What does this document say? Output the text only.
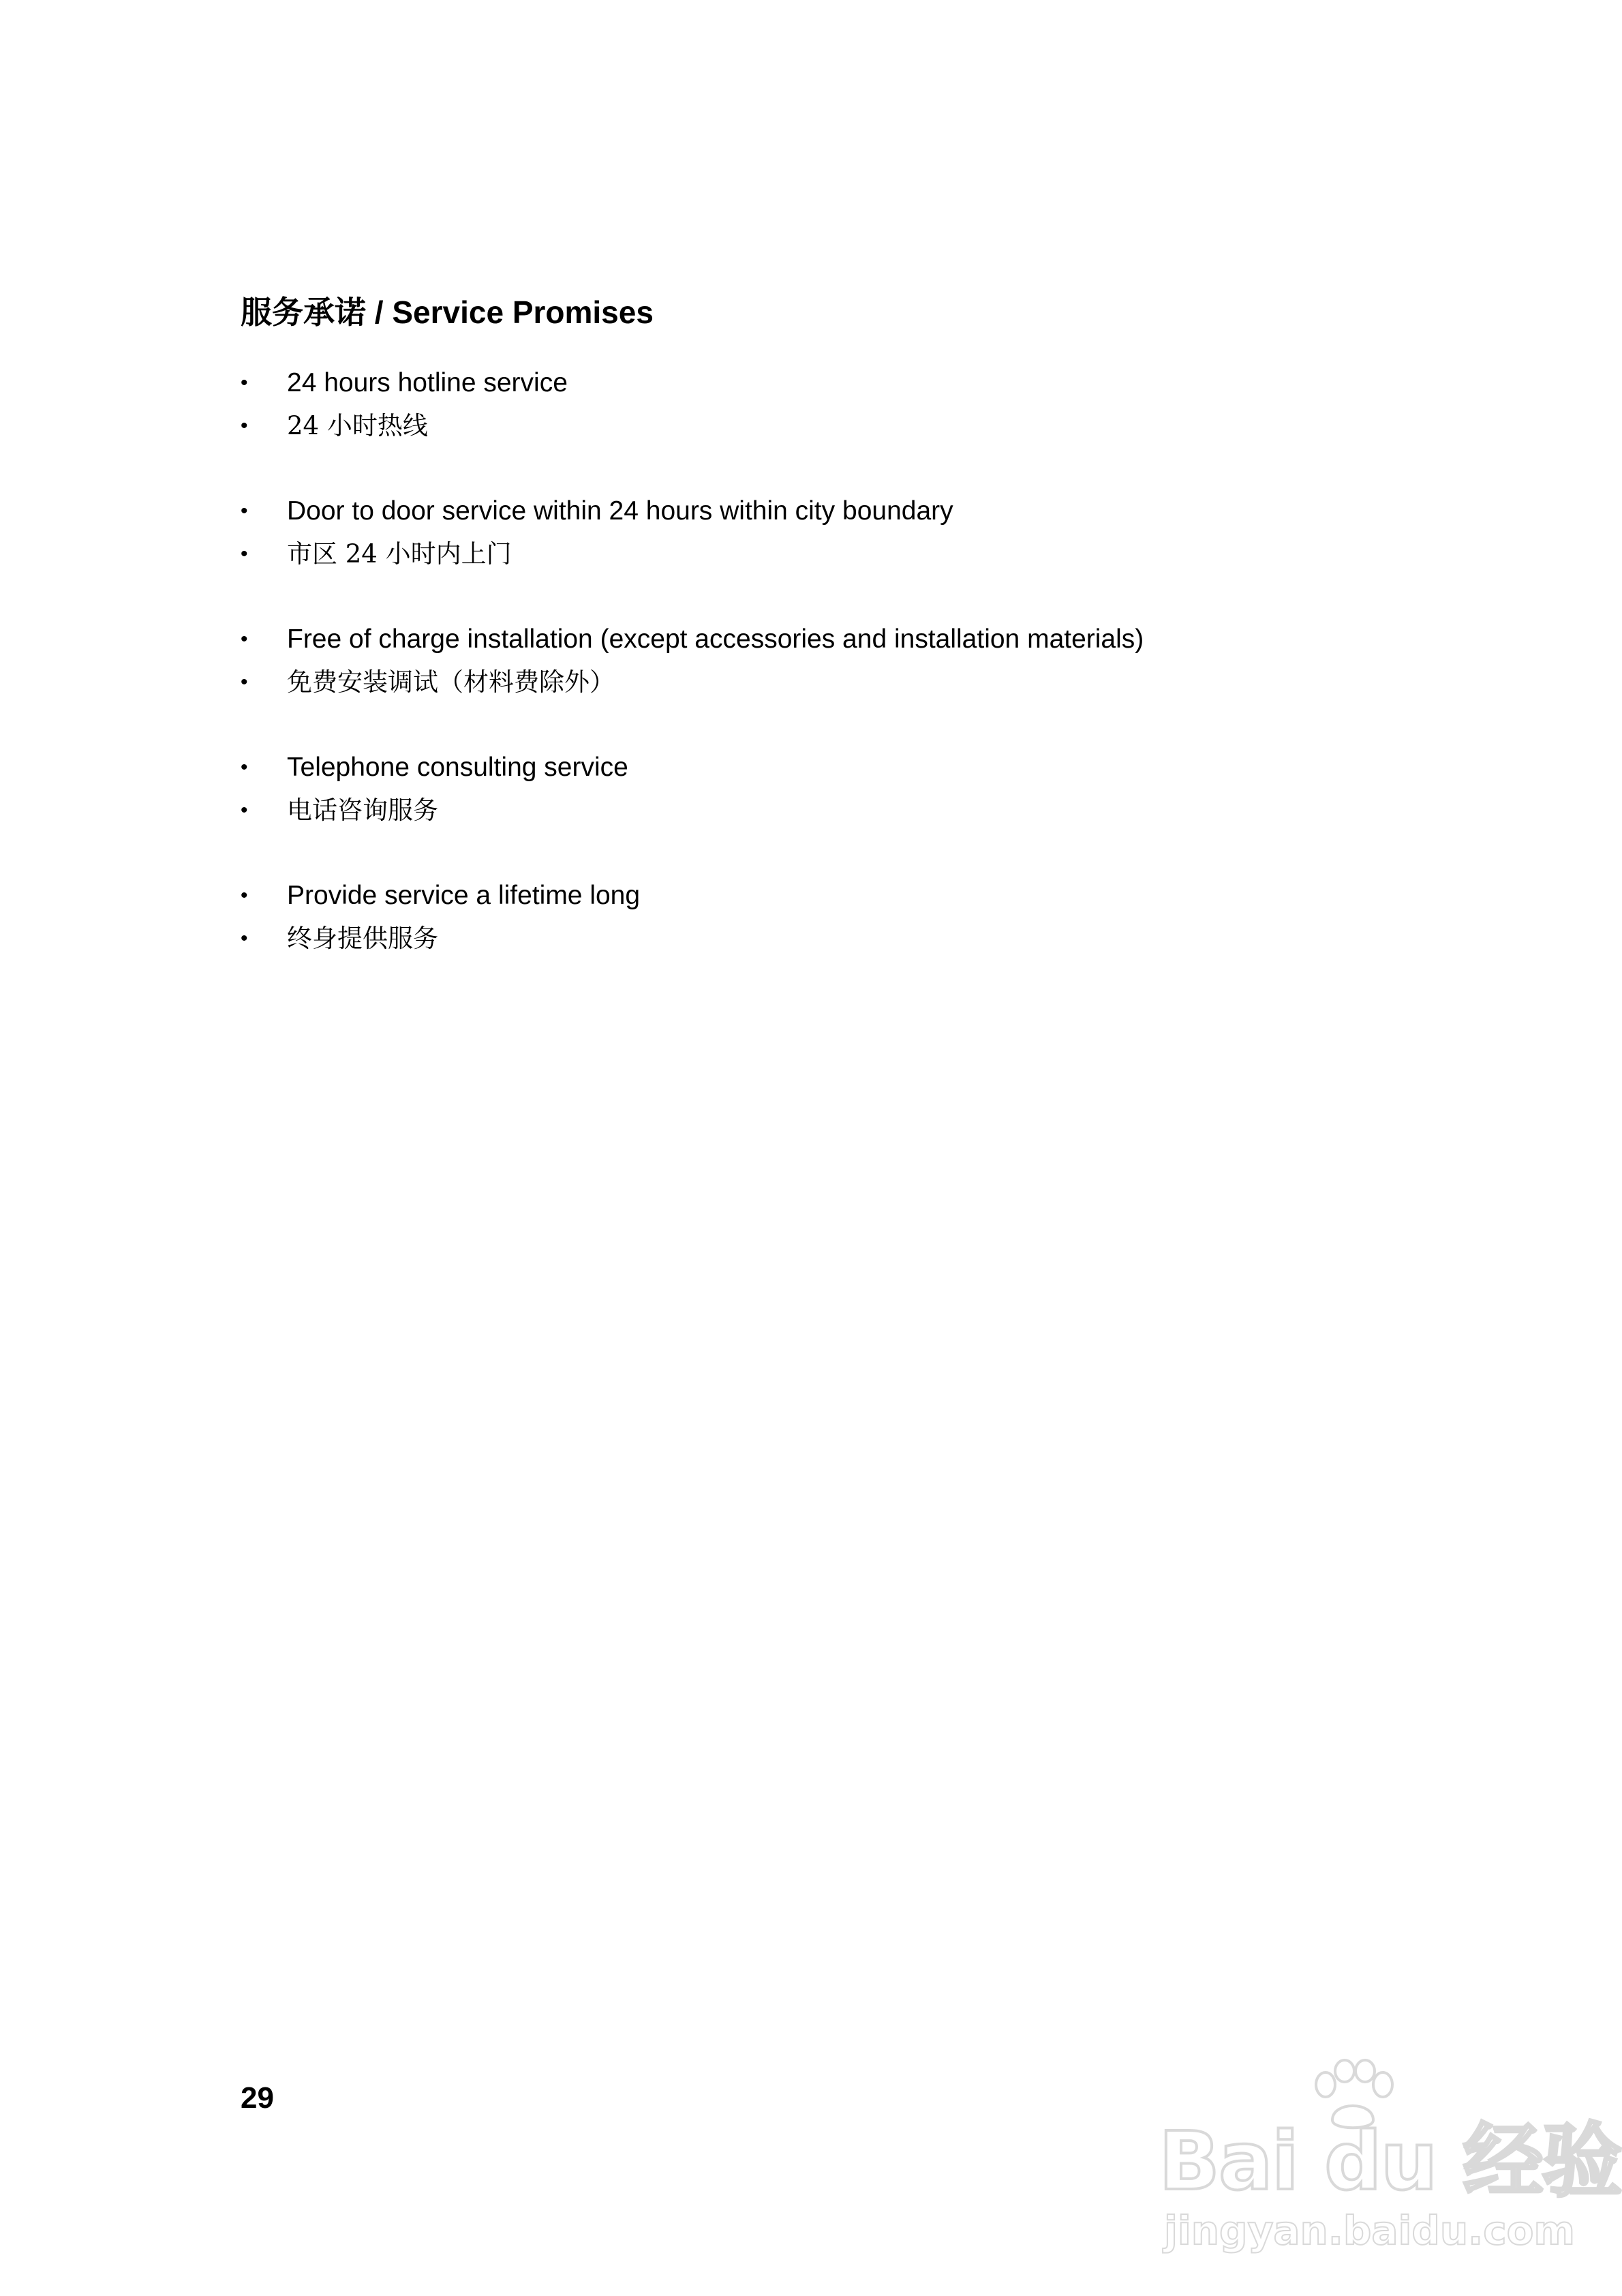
服务承诺 / Service Promises
• 24 hours hotline service
• 24 小时热线
• Door to door service within 24 hours within city boundary
• 市区 24 小时内上门
• Free of charge installation (except accessories and installation materials)
• 免费安装调试（材料费除外）
• Telephone consulting service
• 电话咨询服务
• Provide service a lifetime long
• 终身提供服务
29
Bai du 经验
jingyan.baidu.com
